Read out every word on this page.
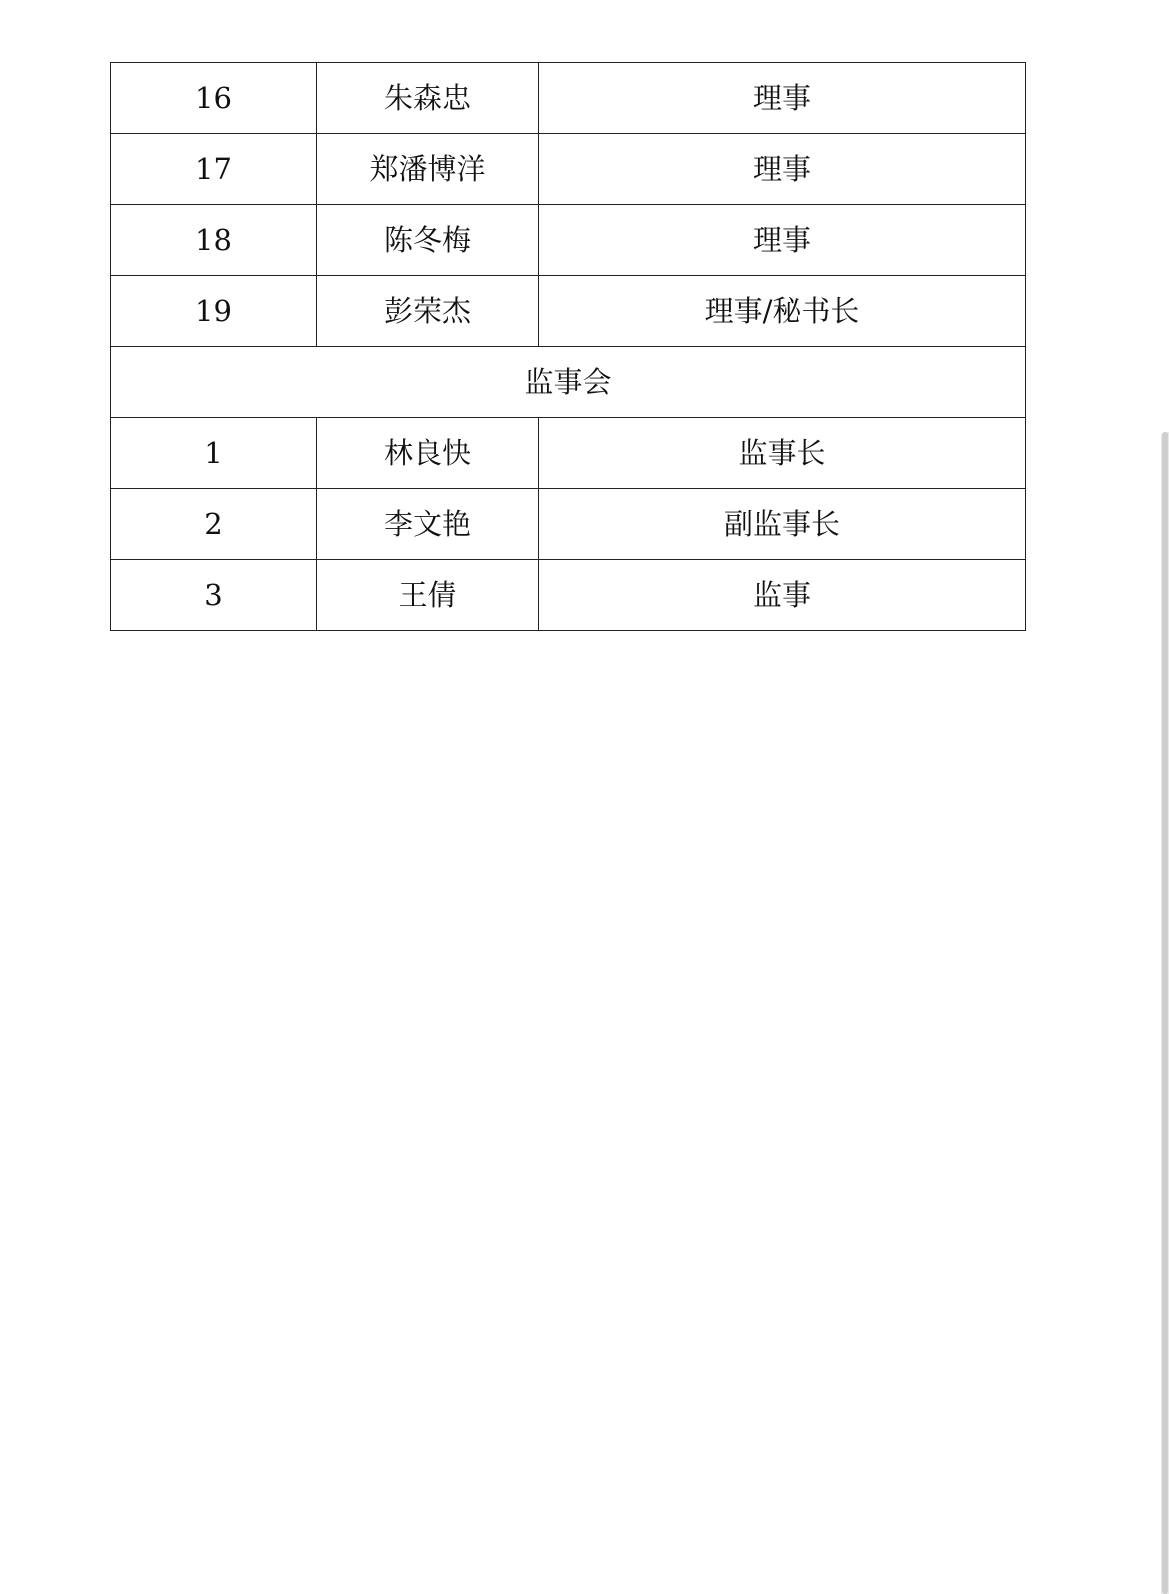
16	朱森忠	理事
17	郑潘博洋	理事
18	陈冬梅	理事
19	彭荣杰	理事/秘书长
监事会		
1	林良快	监事长
2	李文艳	副监事长
3	王倩	监事
